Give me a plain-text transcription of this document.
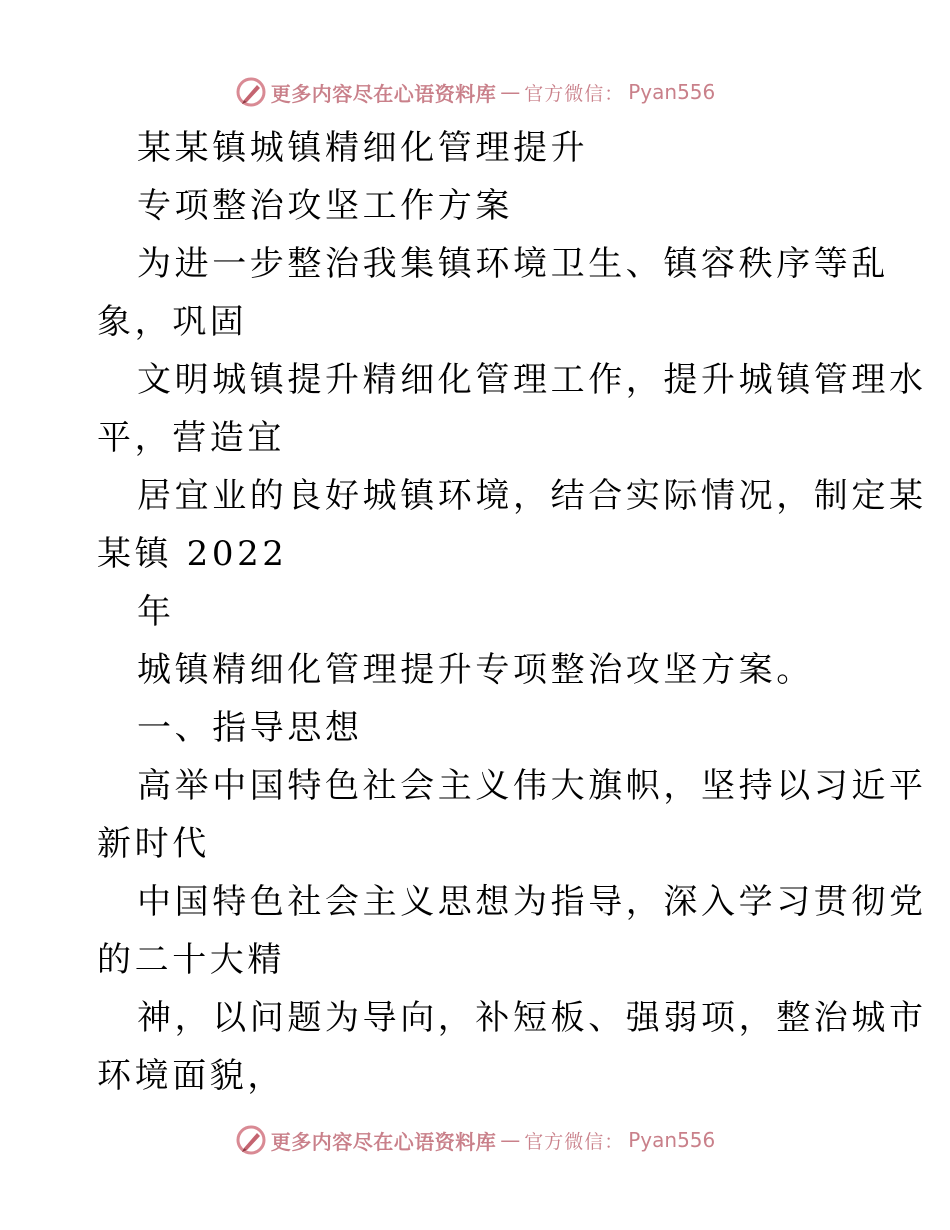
更多内容尽在心语资料库 — 官方微信： Pyan556
某某镇城镇精细化管理提升
专项整治攻坚工作方案
为进一步整治我集镇环境卫生、镇容秩序等乱
象，巩固
文明城镇提升精细化管理工作，提升城镇管理水
平，营造宜
居宜业的良好城镇环境，结合实际情况，制定某
某镇 2022
年
城镇精细化管理提升专项整治攻坚方案。
一、指导思想
高举中国特色社会主义伟大旗帜，坚持以习近平
新时代
中国特色社会主义思想为指导，深入学习贯彻党
的二十大精
神，以问题为导向，补短板、强弱项，整治城市
环境面貌，
更多内容尽在心语资料库 — 官方微信： Pyan556
